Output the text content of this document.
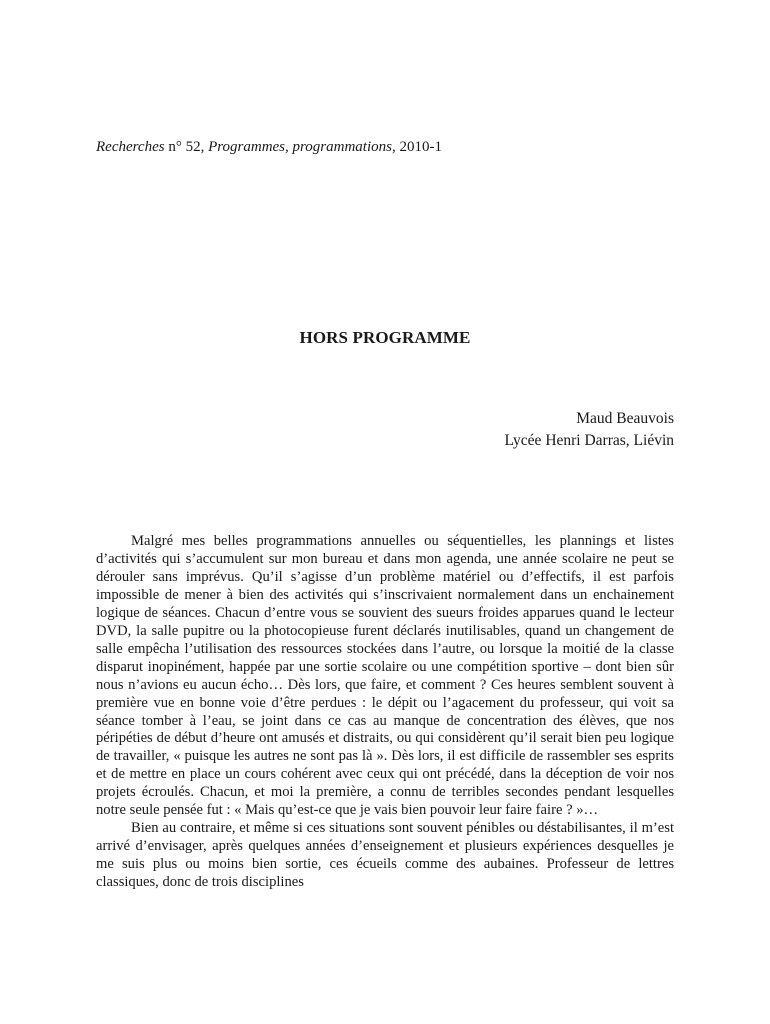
Recherches n° 52, Programmes, programmations, 2010-1
HORS PROGRAMME
Maud Beauvois
Lycée Henri Darras, Liévin

Malgré mes belles programmations annuelles ou séquentielles, les plannings et listes d’activités qui s’accumulent sur mon bureau et dans mon agenda, une année scolaire ne peut se dérouler sans imprévus. Qu’il s’agisse d’un problème matériel ou d’effectifs, il est parfois impossible de mener à bien des activités qui s’inscrivaient normalement dans un enchainement logique de séances. Chacun d’entre vous se souvient des sueurs froides apparues quand le lecteur DVD, la salle pupitre ou la photocopieuse furent déclarés inutilisables, quand un changement de salle empêcha l’utilisation des ressources stockées dans l’autre, ou lorsque la moitié de la classe disparut inopinément, happée par une sortie scolaire ou une compétition sportive – dont bien sûr nous n’avions eu aucun écho… Dès lors, que faire, et comment ? Ces heures semblent souvent à première vue en bonne voie d’être perdues : le dépit ou l’agacement du professeur, qui voit sa séance tomber à l’eau, se joint dans ce cas au manque de concentration des élèves, que nos péripéties de début d’heure ont amusés et distraits, ou qui considèrent qu’il serait bien peu logique de travailler, « puisque les autres ne sont pas là ». Dès lors, il est difficile de rassembler ses esprits et de mettre en place un cours cohérent avec ceux qui ont précédé, dans la déception de voir nos projets écroulés. Chacun, et moi la première, a connu de terribles secondes pendant lesquelles notre seule pensée fut : « Mais qu’est-ce que je vais bien pouvoir leur faire faire ? »…

Bien au contraire, et même si ces situations sont souvent pénibles ou déstabilisantes, il m’est arrivé d’envisager, après quelques années d’enseignement et plusieurs expériences desquelles je me suis plus ou moins bien sortie, ces écueils comme des aubaines. Professeur de lettres classiques, donc de trois disciplines
